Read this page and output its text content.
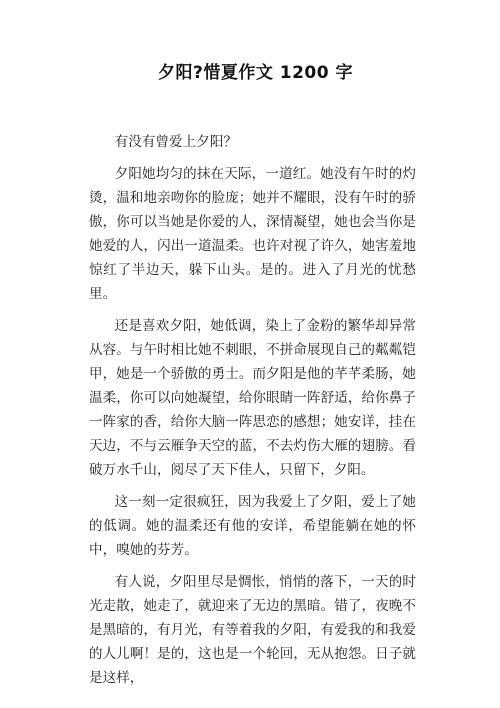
夕阳?惜夏作文 1200 字

有没有曾爱上夕阳？

夕阳她均匀的抹在天际，一道红。她没有午时的灼烫，温和地亲吻你的脸庞；她并不耀眼，没有午时的骄傲，你可以当她是你爱的人，深情凝望，她也会当你是她爱的人，闪出一道温柔。也许对视了许久，她害羞地惊红了半边天，躲下山头。是的。进入了月光的忧愁里。

还是喜欢夕阳，她低调，染上了金粉的繁华却异常从容。与午时相比她不刺眼，不拼命展现自己的粼粼铠甲，她是一个骄傲的勇士。而夕阳是他的芊芊柔肠，她温柔，你可以向她凝望，给你眼睛一阵舒适，给你鼻子一阵家的香，给你大脑一阵思恋的感想；她安详，挂在天边，不与云雁争天空的蓝，不去灼伤大雁的翅膀。看破万水千山，阅尽了天下佳人，只留下，夕阳。

这一刻一定很疯狂，因为我爱上了夕阳，爱上了她的低调。她的温柔还有他的安详，希望能躺在她的怀中，嗅她的芬芳。

有人说，夕阳里尽是惆怅，悄悄的落下，一天的时光走散，她走了，就迎来了无边的黑暗。错了，夜晚不是黑暗的，有月光，有等着我的夕阳，有爱我的和我爱的人儿啊！是的，这也是一个轮回，无从抱怨。日子就是这样，
